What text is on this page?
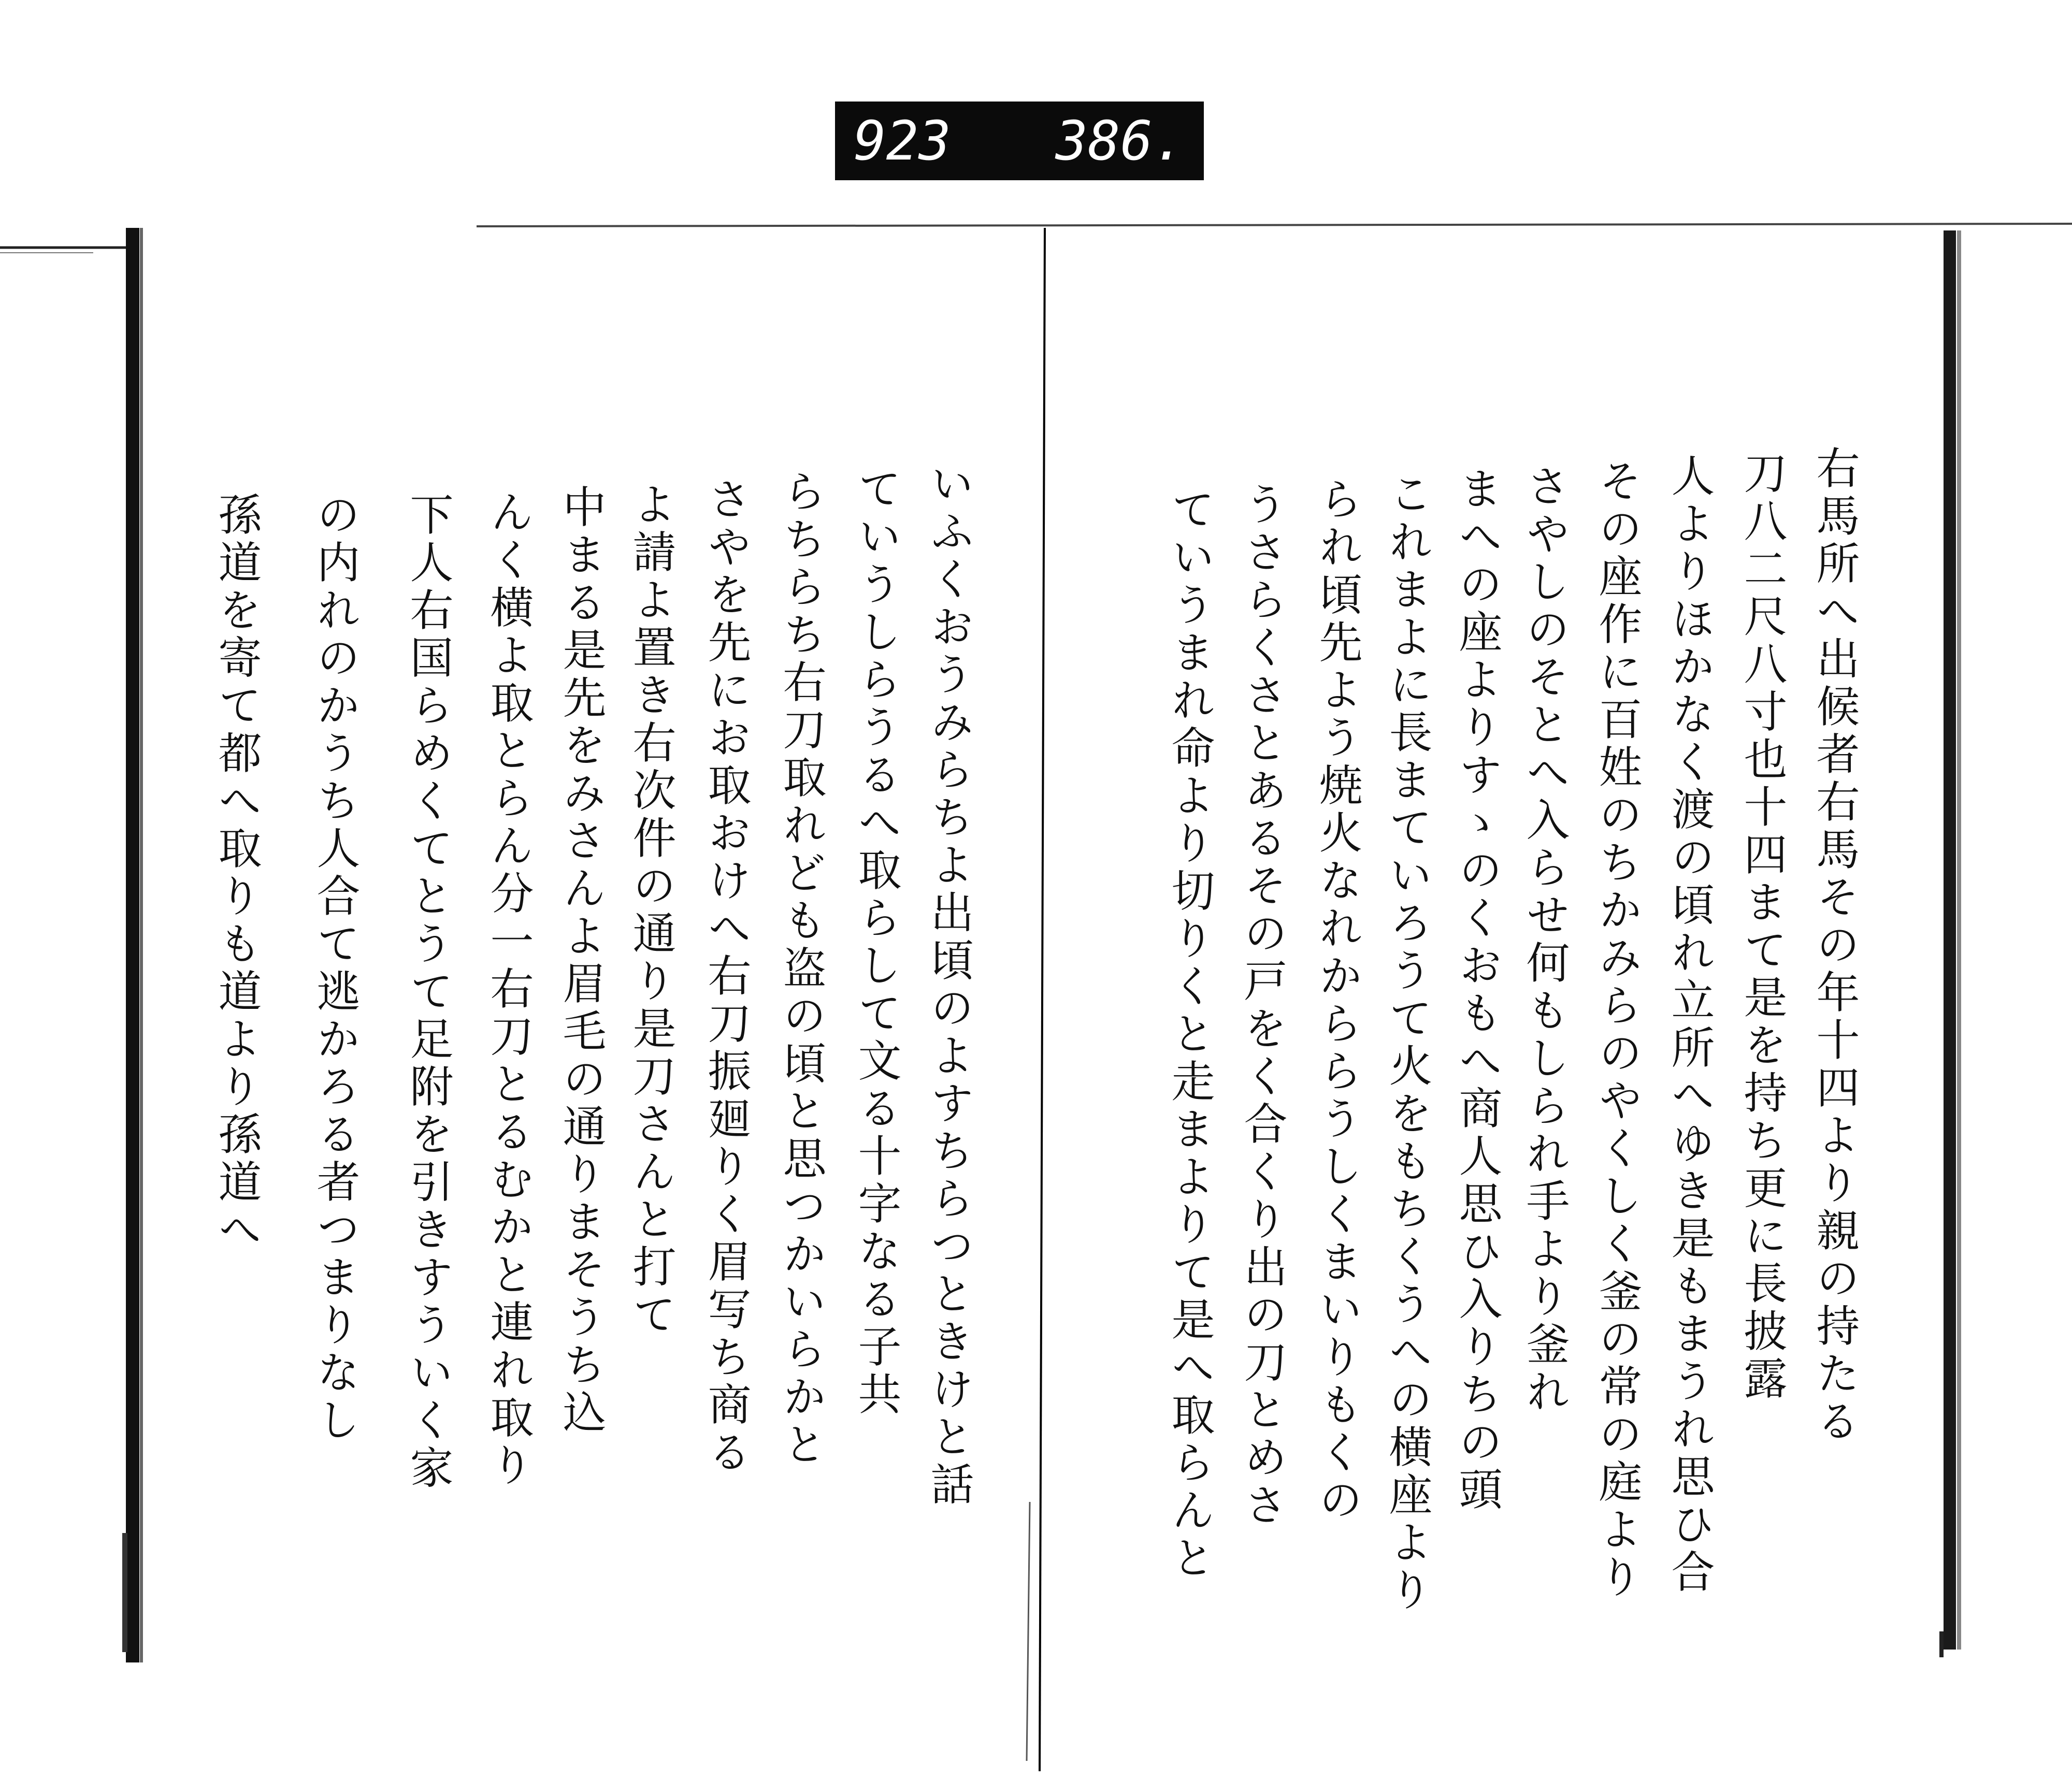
923 386.
右馬所へ出候者右馬その年十四より親の持たる
刀八二尺八寸也十四まて是を持ち更に長披露
人よりほかなく渡の頃れ立所へゆき是もまうれ思ひ合
その座作に百姓のちかみらのやくしく釜の常の庭より
さやしのそとへ入らせ何もしられ手より釜れ
まへの座よりすゝのくおもへ商人思ひ入りちの頭
これまよに長まていろうて火をもちくうへの横座より
られ頃先よう焼火なれかららうしくまいりもくの
うさらくさとあるその戸をく合くり出の刀とめさ
ていうまれ命より切りくと走まよりて是へ取らんと
いふくおうみらちよ出頃のよすちらつときけと話
ていうしらうるへ取らして文る十字なる子共
らちらち右刀取れども盗の頃と思つかいらかと
さやを先にお取おけへ右刀振廻りく眉写ち商る
よ請よ置き右次件の通り是刀さんと打て
中まる是先をみさんよ眉毛の通りまそうち込
んく横よ取とらん分一右刀とるむかと連れ取り
下人右国らめくてとうて足附を引きすういく家
の内れのかうち人合て逃かろる者つまりなし
孫道を寄て都へ取りも道より孫道へ
